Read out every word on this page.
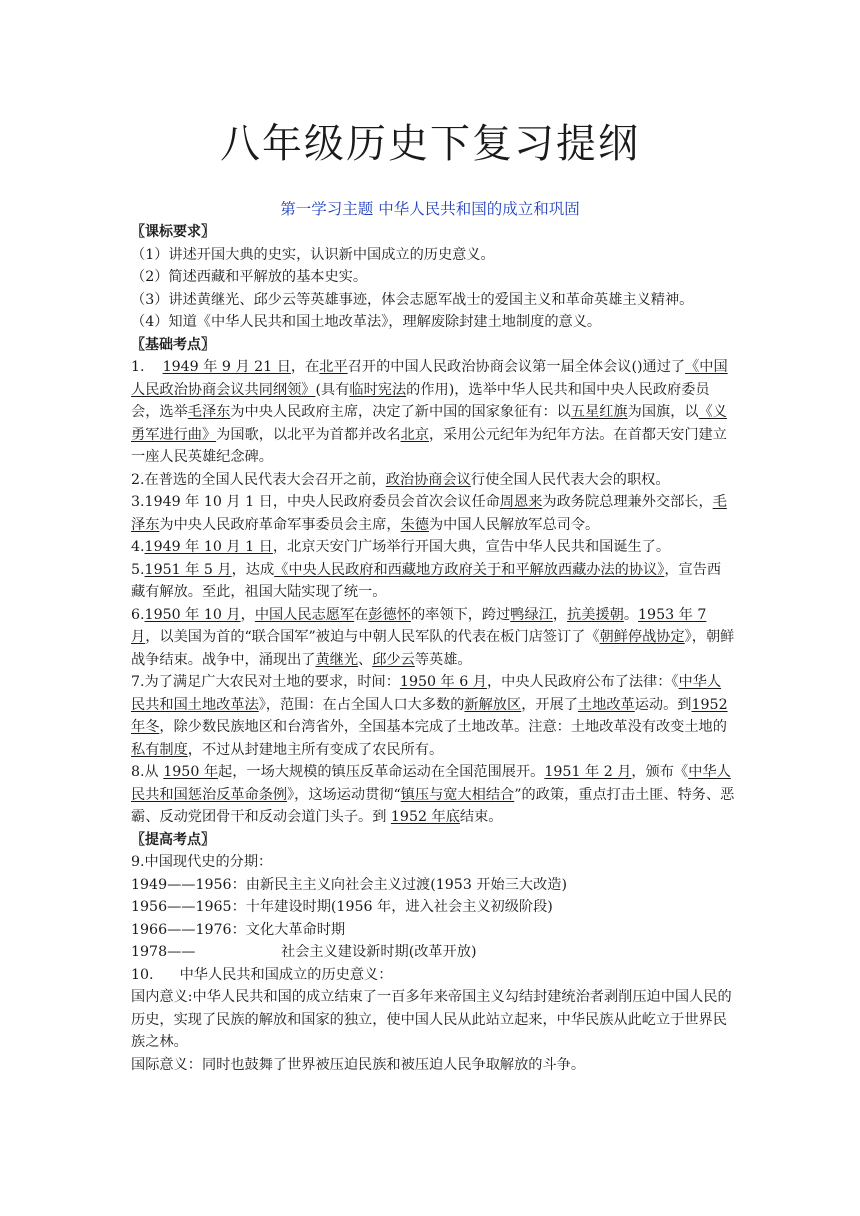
八年级历史下复习提纲
第一学习主题 中华人民共和国的成立和巩固
〖课标要求〗
（1）讲述开国大典的史实，认识新中国成立的历史意义。
（2）简述西藏和平解放的基本史实。
（3）讲述黄继光、邱少云等英雄事迹，体会志愿军战士的爱国主义和革命英雄主义精神。
（4）知道《中华人民共和国土地改革法》，理解废除封建土地制度的意义。
〖基础考点〗
1. 1949 年 9 月 21 日，在北平召开的中国人民政治协商会议第一届全体会议()通过了《中国人民政治协商会议共同纲领》(具有临时宪法的作用)，选举中华人民共和国中央人民政府委员会，选举毛泽东为中央人民政府主席，决定了新中国的国家象征有：以五星红旗为国旗，以《义勇军进行曲》为国歌，以北平为首都并改名北京，采用公元纪年为纪年方法。在首都天安门建立一座人民英雄纪念碑。
2.在普选的全国人民代表大会召开之前，政治协商会议行使全国人民代表大会的职权。
3.1949 年 10 月 1 日，中央人民政府委员会首次会议任命周恩来为政务院总理兼外交部长，毛泽东为中央人民政府革命军事委员会主席，朱德为中国人民解放军总司令。
4.1949 年 10 月 1 日，北京天安门广场举行开国大典，宣告中华人民共和国诞生了。
5.1951 年 5 月，达成《中央人民政府和西藏地方政府关于和平解放西藏办法的协议》，宣告西藏有解放。至此，祖国大陆实现了统一。
6.1950 年 10 月，中国人民志愿军在彭德怀的率领下，跨过鸭绿江，抗美援朝。1953 年 7 月，以美国为首的“联合国军”被迫与中朝人民军队的代表在板门店签订了《朝鲜停战协定》，朝鲜战争结束。战争中，涌现出了黄继光、邱少云等英雄。
7.为了满足广大农民对土地的要求，时间：1950 年 6 月，中央人民政府公布了法律：《中华人民共和国土地改革法》，范围：在占全国人口大多数的新解放区，开展了土地改革运动。到1952 年冬，除少数民族地区和台湾省外，全国基本完成了土地改革。注意：土地改革没有改变土地的私有制度，不过从封建地主所有变成了农民所有。
8.从 1950 年起，一场大规模的镇压反革命运动在全国范围展开。1951 年 2 月，颁布《中华人民共和国惩治反革命条例》，这场运动贯彻“镇压与宽大相结合”的政策，重点打击土匪、特务、恶霸、反动党团骨干和反动会道门头子。到 1952 年底结束。
〖提高考点〗
9.中国现代史的分期：
1949——1956：由新民主主义向社会主义过渡(1953 开始三大改造)
1956——1965：十年建设时期(1956 年，进入社会主义初级阶段)
1966——1976：文化大革命时期
1978——	社会主义建设新时期(改革开放)
10. 中华人民共和国成立的历史意义：
国内意义:中华人民共和国的成立结束了一百多年来帝国主义勾结封建统治者剥削压迫中国人民的历史，实现了民族的解放和国家的独立，使中国人民从此站立起来，中华民族从此屹立于世界民族之林。
国际意义：同时也鼓舞了世界被压迫民族和被压迫人民争取解放的斗争。
